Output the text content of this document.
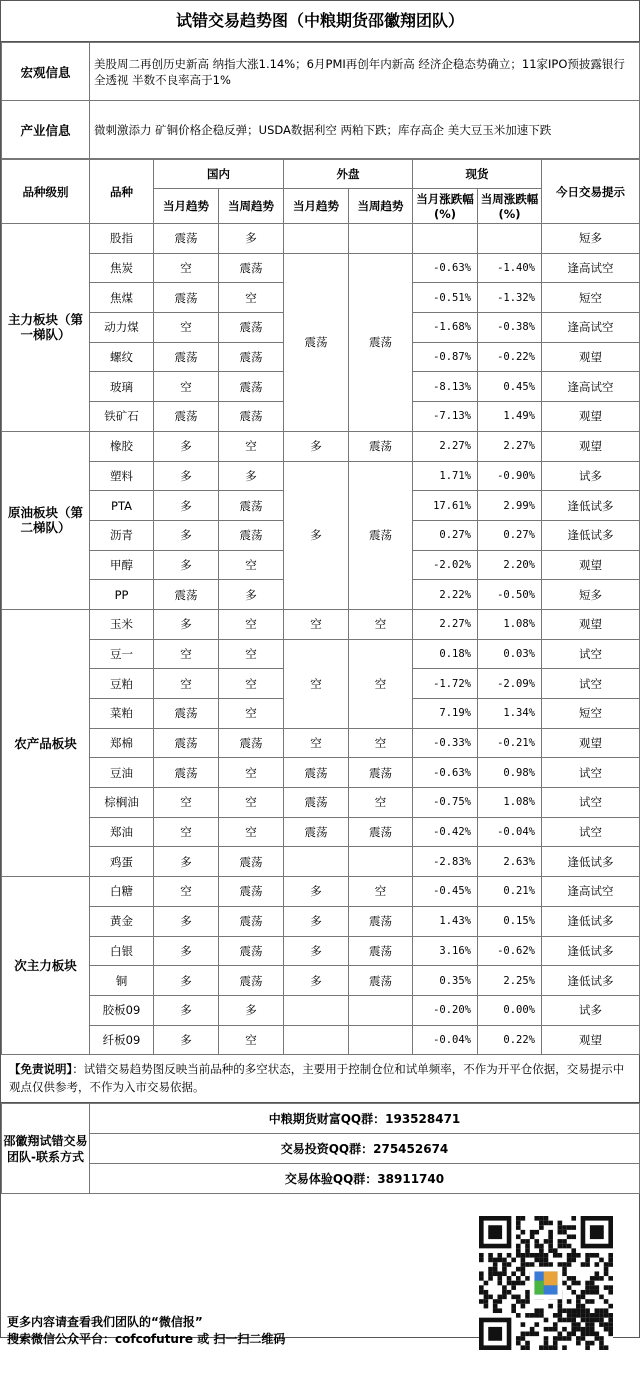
试错交易趋势图（中粮期货邵徽翔团队）
宏观信息	美股周二再创历史新高 纳指大涨1.14%；6月PMI再创年内新高 经济企稳态势确立；11家IPO预披露银行全透视 半数不良率高于1%
产业信息	微刺激添力 矿铜价格企稳反弹；USDA数据利空 两粕下跌；库存高企 美大豆玉米加速下跌
品种级别	品种	国内		外盘		现货		今日交易提示
		当月趋势	当周趋势	当月趋势	当周趋势	当月涨跌幅(%)	当周涨跌幅(%)	
主力板块（第一梯队）	股指	震荡	多					短多
	焦炭	空	震荡	震荡	震荡	-0.63%	-1.40%	逢高试空
	焦煤	震荡	空			-0.51%	-1.32%	短空
	动力煤	空	震荡			-1.68%	-0.38%	逢高试空
	螺纹	震荡	震荡			-0.87%	-0.22%	观望
	玻璃	空	震荡			-8.13%	0.45%	逢高试空
	铁矿石	震荡	震荡			-7.13%	1.49%	观望
原油板块（第二梯队）	橡胶	多	空	多	震荡	2.27%	2.27%	观望
	塑料	多	多	多	震荡	1.71%	-0.90%	试多
	PTA	多	震荡			17.61%	2.99%	逢低试多
	沥青	多	震荡			0.27%	0.27%	逢低试多
	甲醇	多	空			-2.02%	2.20%	观望
	PP	震荡	多			2.22%	-0.50%	短多
农产品板块	玉米	多	空	空	空	2.27%	1.08%	观望
	豆一	空	空	空	空	0.18%	0.03%	试空
	豆粕	空	空			-1.72%	-2.09%	试空
	菜粕	震荡	空			7.19%	1.34%	短空
	郑棉	震荡	震荡	空	空	-0.33%	-0.21%	观望
	豆油	震荡	空	震荡	震荡	-0.63%	0.98%	试空
	棕榈油	空	空	震荡	空	-0.75%	1.08%	试空
	郑油	空	空	震荡	震荡	-0.42%	-0.04%	试空
	鸡蛋	多	震荡			-2.83%	2.63%	逢低试多
次主力板块	白糖	空	震荡	多	空	-0.45%	0.21%	逢高试空
	黄金	多	震荡	多	震荡	1.43%	0.15%	逢低试多
	白银	多	震荡	多	震荡	3.16%	-0.62%	逢低试多
	铜	多	震荡	多	震荡	0.35%	2.25%	逢低试多
	胶板09	多	多			-0.20%	0.00%	试多
	纤板09	多	空			-0.04%	0.22%	观望
【免责说明】：试错交易趋势图反映当前品种的多空状态，主要用于控制仓位和试单频率，不作为开平仓依据，交易提示中观点仅供参考，不作为入市交易依据。
邵徽翔试错交易团队-联系方式	中粮期货财富QQ群：193528471
交易投资QQ群：275452674
交易体验QQ群：38911740
更多内容请查看我们团队的“微信报”
搜索微信公众平台：cofcofuture 或 扫一扫二维码
